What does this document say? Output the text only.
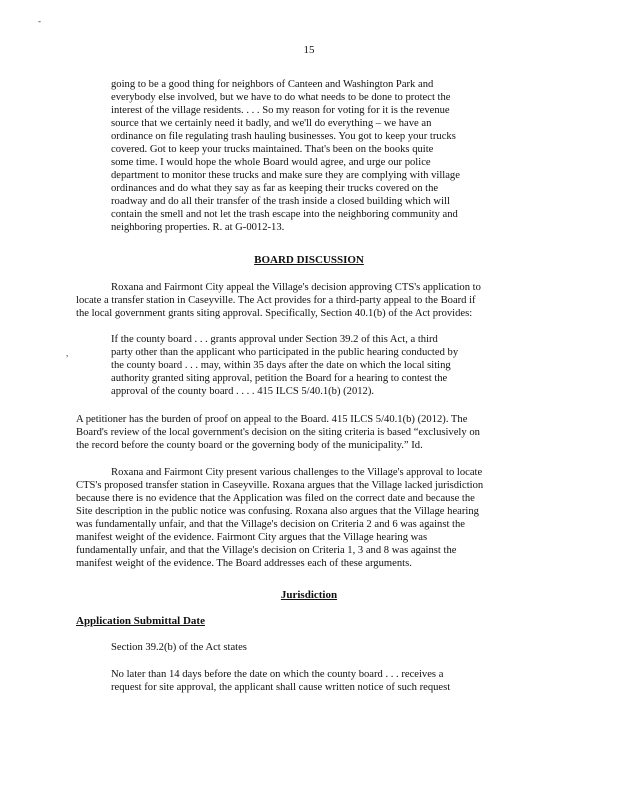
-
15
going to be a good thing for neighbors of Canteen and Washington Park and
everybody else involved, but we have to do what needs to be done to protect the
interest of the village residents. . . . So my reason for voting for it is the revenue
source that we certainly need it badly, and we'll do everything – we have an
ordinance on file regulating trash hauling businesses. You got to keep your trucks
covered. Got to keep your trucks maintained. That's been on the books quite
some time. I would hope the whole Board would agree, and urge our police
department to monitor these trucks and make sure they are complying with village
ordinances and do what they say as far as keeping their trucks covered on the
roadway and do all their transfer of the trash inside a closed building which will
contain the smell and not let the trash escape into the neighboring community and
neighboring properties. R. at G-0012-13.
BOARD DISCUSSION
Roxana and Fairmont City appeal the Village's decision approving CTS's application to
locate a transfer station in Caseyville. The Act provides for a third-party appeal to the Board if
the local government grants siting approval. Specifically, Section 40.1(b) of the Act provides:
If the county board . . . grants approval under Section 39.2 of this Act, a third
party other than the applicant who participated in the public hearing conducted by
the county board . . . may, within 35 days after the date on which the local siting
authority granted siting approval, petition the Board for a hearing to contest the
approval of the county board . . . . 415 ILCS 5/40.1(b) (2012).
,
A petitioner has the burden of proof on appeal to the Board. 415 ILCS 5/40.1(b) (2012). The
Board's review of the local government's decision on the siting criteria is based “exclusively on
the record before the county board or the governing body of the municipality.” Id.
Roxana and Fairmont City present various challenges to the Village's approval to locate
CTS's proposed transfer station in Caseyville. Roxana argues that the Village lacked jurisdiction
because there is no evidence that the Application was filed on the correct date and because the
Site description in the public notice was confusing. Roxana also argues that the Village hearing
was fundamentally unfair, and that the Village's decision on Criteria 2 and 6 was against the
manifest weight of the evidence. Fairmont City argues that the Village hearing was
fundamentally unfair, and that the Village's decision on Criteria 1, 3 and 8 was against the
manifest weight of the evidence. The Board addresses each of these arguments.
Jurisdiction
Application Submittal Date
Section 39.2(b) of the Act states
No later than 14 days before the date on which the county board . . . receives a
request for site approval, the applicant shall cause written notice of such request
